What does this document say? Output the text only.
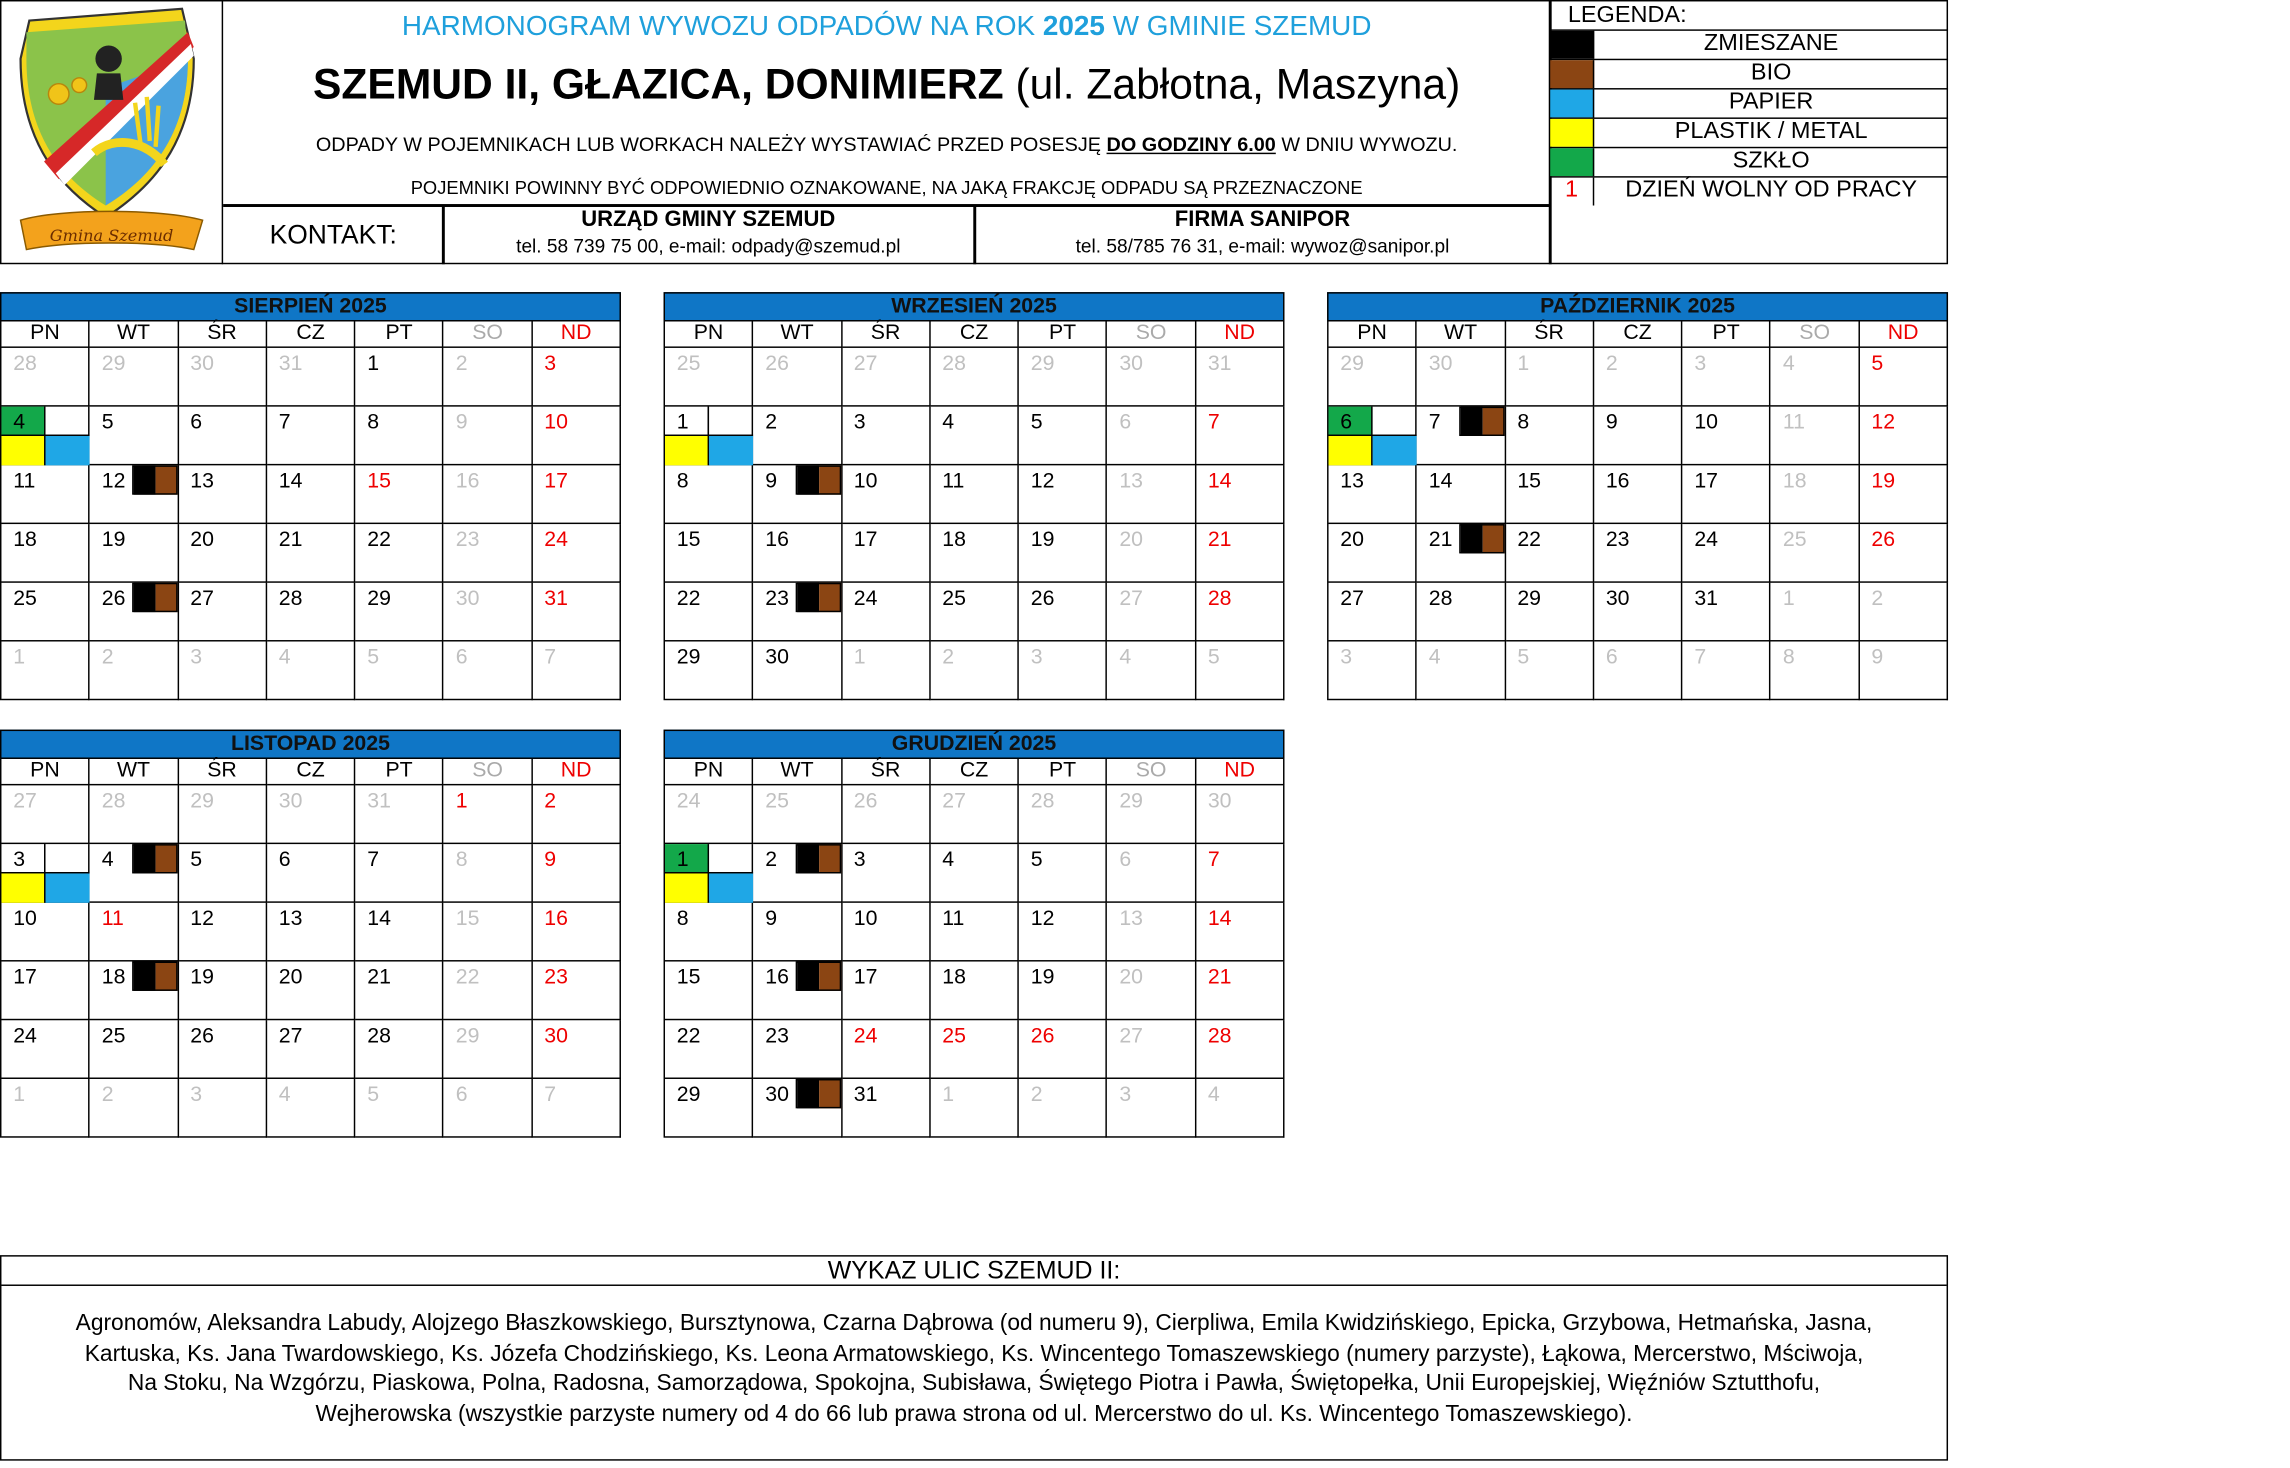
Gmina Szemud
HARMONOGRAM WYWOZU ODPADÓW NA ROK 2025 W GMINIE SZEMUD
SZEMUD II, GŁAZICA, DONIMIERZ (ul. Zabłotna, Maszyna)
ODPADY W POJEMNIKACH LUB WORKACH NALEŻY WYSTAWIAĆ PRZED POSESJĘ DO GODZINY 6.00 W DNIU WYWOZU.
POJEMNIKI POWINNY BYĆ ODPOWIEDNIO OZNAKOWANE, NA JAKĄ FRAKCJĘ ODPADU SĄ PRZEZNACZONE
KONTAKT:	URZĄD GMINY SZEMUD
tel. 58 739 75 00, e-mail: odpady@szemud.pl
FIRMA SANIPOR
tel. 58/785 76 31, e-mail: wywoz@sanipor.pl
LEGENDA:
ZMIESZANE
BIO
PAPIER
PLASTIK / METAL
SZKŁO
1	DZIEŃ WOLNY OD PRACY
SIERPIEŃ 2025
PN	WT	ŚR	CZ	PT	SO	ND
28	29	30	31	1	2	3
4	5	6	7	8	9	10
11	12	13	14	15	16	17
18	19	20	21	22	23	24
25	26	27	28	29	30	31
1	2	3	4	5	6	7
WRZESIEŃ 2025
PN	WT	ŚR	CZ	PT	SO	ND
25	26	27	28	29	30	31
1	2	3	4	5	6	7
8	9	10	11	12	13	14
15	16	17	18	19	20	21
22	23	24	25	26	27	28
29	30	1	2	3	4	5
PAŹDZIERNIK 2025
PN	WT	ŚR	CZ	PT	SO	ND
29	30	1	2	3	4	5
6	7	8	9	10	11	12
13	14	15	16	17	18	19
20	21	22	23	24	25	26
27	28	29	30	31	1	2
3	4	5	6	7	8	9
LISTOPAD 2025
PN	WT	ŚR	CZ	PT	SO	ND
27	28	29	30	31	1	2
3	4	5	6	7	8	9
10	11	12	13	14	15	16
17	18	19	20	21	22	23
24	25	26	27	28	29	30
1	2	3	4	5	6	7
GRUDZIEŃ 2025
PN	WT	ŚR	CZ	PT	SO	ND
24	25	26	27	28	29	30
1	2	3	4	5	6	7
8	9	10	11	12	13	14
15	16	17	18	19	20	21
22	23	24	25	26	27	28
29	30	31	1	2	3	4
WYKAZ ULIC SZEMUD II:
Agronomów, Aleksandra Labudy, Alojzego Błaszkowskiego, Bursztynowa, Czarna Dąbrowa (od numeru 9), Cierpliwa, Emila Kwidzińskiego, Epicka, Grzybowa, Hetmańska, Jasna,
Kartuska, Ks. Jana Twardowskiego, Ks. Józefa Chodzińskiego, Ks. Leona Armatowskiego, Ks. Wincentego Tomaszewskiego (numery parzyste), Łąkowa, Mercerstwo, Mściwoja,
Na Stoku, Na Wzgórzu, Piaskowa, Polna, Radosna, Samorządowa, Spokojna, Subisława, Świętego Piotra i Pawła, Świętopełka, Unii Europejskiej, Więźniów Sztutthofu,
Wejherowska (wszystkie parzyste numery od 4 do 66 lub prawa strona od ul. Mercerstwo do ul. Ks. Wincentego Tomaszewskiego).
